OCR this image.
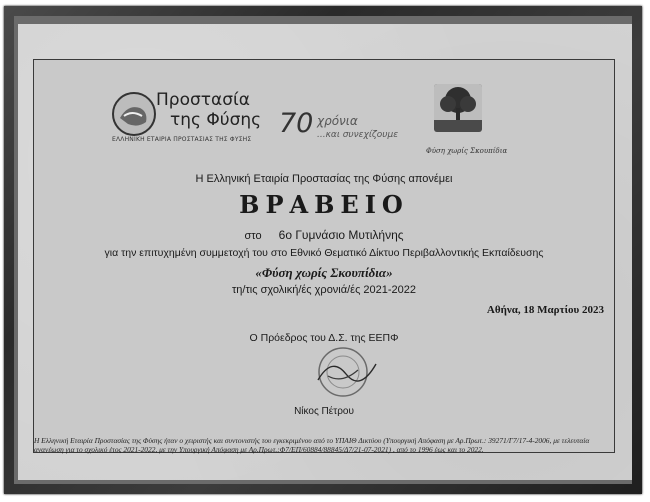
Προστασία
της Φύσης
ΕΛΛΗΝΙΚΗ ΕΤΑΙΡΙΑ ΠΡΟΣΤΑΣΙΑΣ ΤΗΣ ΦΥΣΗΣ
70 χρόνια
...και συνεχίζουμε
Φύση χωρίς Σκουπίδια
Η Ελληνική Εταιρία Προστασίας της Φύσης απονέμει
ΒΡΑΒΕΙΟ
στο 6ο Γυμνάσιο Μυτιλήνης
για την επιτυχημένη συμμετοχή του στο Εθνικό Θεματικό Δίκτυο Περιβαλλοντικής Εκπαίδευσης
«Φύση χωρίς Σκουπίδια»
τη/τις σχολική/ές χρονιά/ές 2021-2022
Αθήνα, 18 Μαρτίου 2023
Ο Πρόεδρος του Δ.Σ. της ΕΕΠΦ
Νίκος Πέτρου
Η Ελληνική Εταιρία Προστασίας της Φύσης ήταν ο χειριστής και συντονιστής του εγκεκριμένου από το ΥΠΑΙΘ Δικτύου (Υπουργική Απόφαση με Αρ.Πρωτ.: 39271/Γ7/17-4-2006, με τελευταία ανανέωση για το σχολικό έτος 2021-2022, με την Υπουργική Απόφαση με Αρ.Πρωτ.:Φ7/ΕΠ/60884/88845/Δ7/21-07-2021) , από το 1996 έως και το 2022.
